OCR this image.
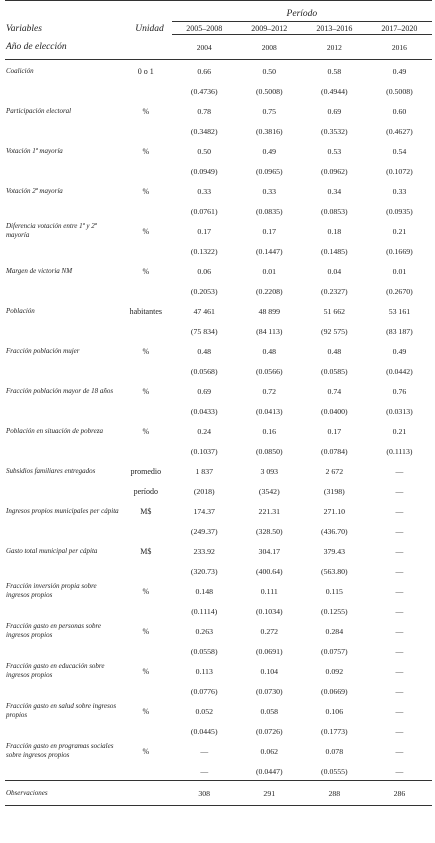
Variables	Unidad	Período			
		2005–2008	2009–2012	2013–2016	2017–2020
Año de elección		2004	2008	2012	2016
Coalición	0 o 1	0.66	0.50	0.58	0.49
		(0.4736)	(0.5008)	(0.4944)	(0.5008)
Participación electoral	%	0.78	0.75	0.69	0.60
		(0.3482)	(0.3816)	(0.3532)	(0.4627)
Votación 1ª mayoría	%	0.50	0.49	0.53	0.54
		(0.0949)	(0.0965)	(0.0962)	(0.1072)
Votación 2ª mayoría	%	0.33	0.33	0.34	0.33
		(0.0761)	(0.0835)	(0.0853)	(0.0935)
Diferencia votación entre 1ª y 2ª mayoría	%	0.17	0.17	0.18	0.21
		(0.1322)	(0.1447)	(0.1485)	(0.1669)
Margen de victoria NM	%	0.06	0.01	0.04	0.01
		(0.2053)	(0.2208)	(0.2327)	(0.2670)
Población	habitantes	47 461	48 899	51 662	53 161
		(75 834)	(84 113)	(92 575)	(83 187)
Fracción población mujer	%	0.48	0.48	0.48	0.49
		(0.0568)	(0.0566)	(0.0585)	(0.0442)
Fracción población mayor de 18 años	%	0.69	0.72	0.74	0.76
		(0.0433)	(0.0413)	(0.0400)	(0.0313)
Población en situación de pobreza	%	0.24	0.16	0.17	0.21
		(0.1037)	(0.0850)	(0.0784)	(0.1113)
Subsidios familiares entregados	promedio	1 837	3 093	2 672	—
	período	(2018)	(3542)	(3198)	—
Ingresos propios municipales per cápita	M$	174.37	221.31	271.10	—
		(249.37)	(328.50)	(436.70)	—
Gasto total municipal per cápita	M$	233.92	304.17	379.43	—
		(320.73)	(400.64)	(563.80)	—
Fracción inversión propia sobre ingresos propios	%	0.148	0.111	0.115	—
		(0.1114)	(0.1034)	(0.1255)	—
Fracción gasto en personas sobre ingresos propios	%	0.263	0.272	0.284	—
		(0.0558)	(0.0691)	(0.0757)	—
Fracción gasto en educación sobre ingresos propios	%	0.113	0.104	0.092	—
		(0.0776)	(0.0730)	(0.0669)	—
Fracción gasto en salud sobre ingresos propios	%	0.052	0.058	0.106	—
		(0.0445)	(0.0726)	(0.1773)	—
Fracción gasto en programas sociales sobre ingresos propios	%	—	0.062	0.078	—
		—	(0.0447)	(0.0555)	—
Observaciones		308	291	288	286
